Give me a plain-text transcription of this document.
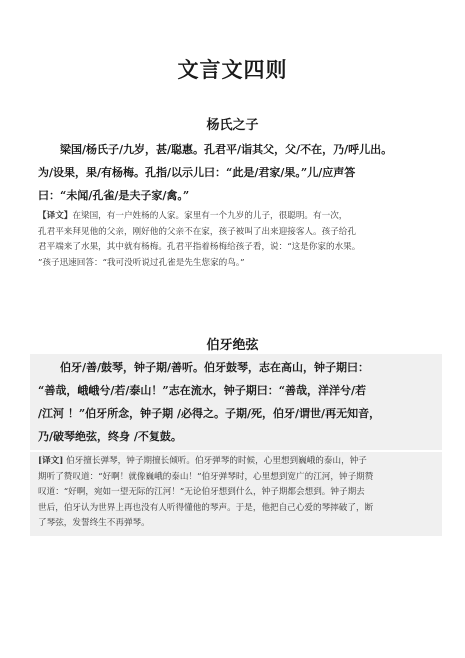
文言文四则
杨氏之子
梁国/杨氏子/九岁，甚/聪惠。孔君平/诣其父，父/不在，乃/呼儿出。
为/设果，果/有杨梅。孔指/以示儿曰：“此是/君家/果。”儿/应声答
曰：“未闻/孔雀/是夫子家/禽。”
【译文】在梁国，有一户姓杨的人家。家里有一个九岁的儿子，很聪明。有一次，
孔君平来拜见他的父亲，刚好他的父亲不在家，孩子被叫了出来迎接客人。孩子给孔
君平端来了水果，其中就有杨梅。孔君平指着杨梅给孩子看，说：“这是你家的水果。
”孩子迅速回答：“我可没听说过孔雀是先生您家的鸟。”
伯牙绝弦
伯牙/善/鼓琴，钟子期/善听。伯牙鼓琴，志在高山，钟子期曰：
“善哉，峨峨兮/若/泰山！”志在流水，钟子期曰：“善哉，洋洋兮/若
/江河 ！”伯牙所念，钟子期 /必得之。子期/死，伯牙/谓世/再无知音，
乃/破琴绝弦，终身 /不复鼓。
[译文] 伯牙擅长弹琴，钟子期擅长倾听。伯牙弹琴的时候，心里想到巍峨的泰山，钟子
期听了赞叹道：“好啊！就像巍峨的泰山！”伯牙弹琴时，心里想到宽广的江河，钟子期赞
叹道：“好啊，宛如一望无际的江河！”无论伯牙想到什么，钟子期都会想到。钟子期去
世后，伯牙认为世界上再也没有人听得懂他的琴声。于是，他把自己心爱的琴摔破了，断
了琴弦，发誓终生不再弹琴。
